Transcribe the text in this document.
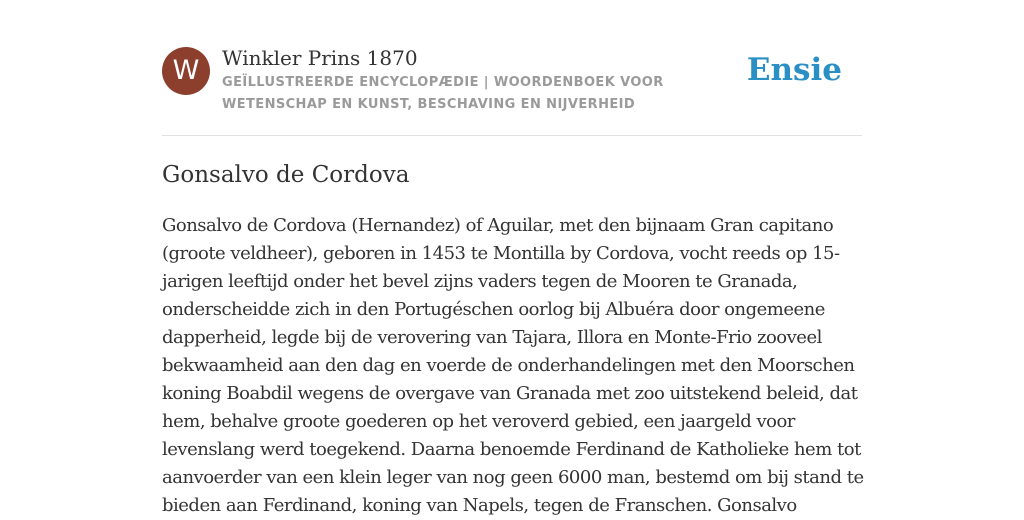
W	Winkler Prins 1870
GEÏLLUSTREERDE ENCYCLOPÆDIE | WOORDENBOEK VOOR WETENSCHAP EN KUNST, BESCHAVING EN NIJVERHEID
Ensie
Gonsalvo de Cordova

Gonsalvo de Cordova (Hernandez) of Aguilar, met den bijnaam Gran capitano
(groote veldheer), geboren in 1453 te Montilla by Cordova, vocht reeds op 15-
jarigen leeftijd onder het bevel zijns vaders tegen de Mooren te Granada,
onderscheidde zich in den Portugéschen oorlog bij Albuéra door ongemeene
dapperheid, legde bij de verovering van Tajara, Illora en Monte-Frio zooveel
bekwaamheid aan den dag en voerde de onderhandelingen met den Moorschen
koning Boabdil wegens de overgave van Granada met zoo uitstekend beleid, dat
hem, behalve groote goederen op het veroverd gebied, een jaargeld voor
levenslang werd toegekend. Daarna benoemde Ferdinand de Katholieke hem tot
aanvoerder van een klein leger van nog geen 6000 man, bestemd om bij stand te
bieden aan Ferdinand, koning van Napels, tegen de Franschen. Gonsalvo
